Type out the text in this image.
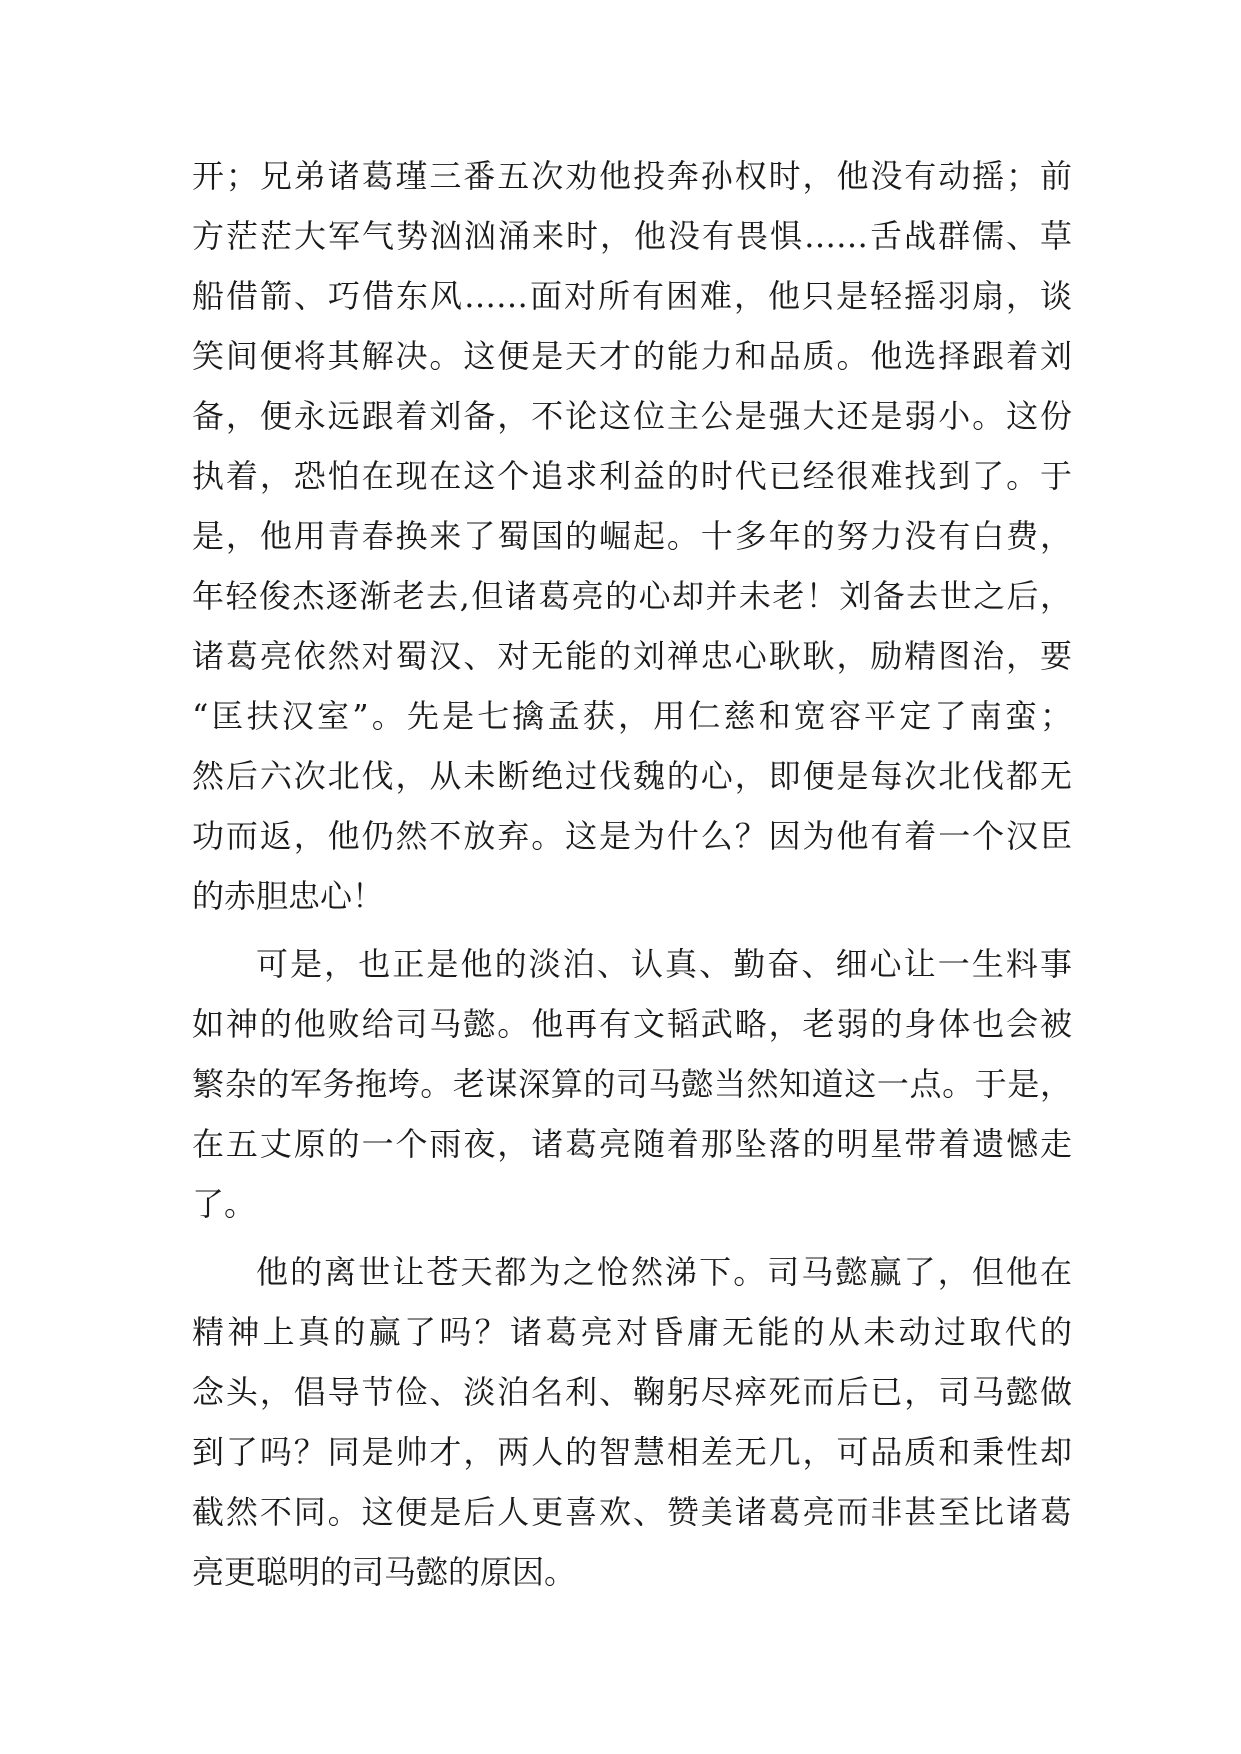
开；兄弟诸葛瑾三番五次劝他投奔孙权时，他没有动摇；前
方茫茫大军气势汹汹涌来时，他没有畏惧……舌战群儒、草
船借箭、巧借东风……面对所有困难，他只是轻摇羽扇，谈
笑间便将其解决。这便是天才的能力和品质。他选择跟着刘
备，便永远跟着刘备，不论这位主公是强大还是弱小。这份
执着，恐怕在现在这个追求利益的时代已经很难找到了。于
是，他用青春换来了蜀国的崛起。十多年的努力没有白费，
年轻俊杰逐渐老去,但诸葛亮的心却并未老！刘备去世之后，
诸葛亮依然对蜀汉、对无能的刘禅忠心耿耿，励精图治，要
“匡扶汉室”。先是七擒孟获，用仁慈和宽容平定了南蛮；
然后六次北伐，从未断绝过伐魏的心，即便是每次北伐都无
功而返，他仍然不放弃。这是为什么？因为他有着一个汉臣
的赤胆忠心！
可是，也正是他的淡泊、认真、勤奋、细心让一生料事
如神的他败给司马懿。他再有文韬武略，老弱的身体也会被
繁杂的军务拖垮。老谋深算的司马懿当然知道这一点。于是，
在五丈原的一个雨夜，诸葛亮随着那坠落的明星带着遗憾走
了。
他的离世让苍天都为之怆然涕下。司马懿赢了，但他在
精神上真的赢了吗？诸葛亮对昏庸无能的从未动过取代的
念头，倡导节俭、淡泊名利、鞠躬尽瘁死而后已，司马懿做
到了吗？同是帅才，两人的智慧相差无几，可品质和秉性却
截然不同。这便是后人更喜欢、赞美诸葛亮而非甚至比诸葛
亮更聪明的司马懿的原因。
